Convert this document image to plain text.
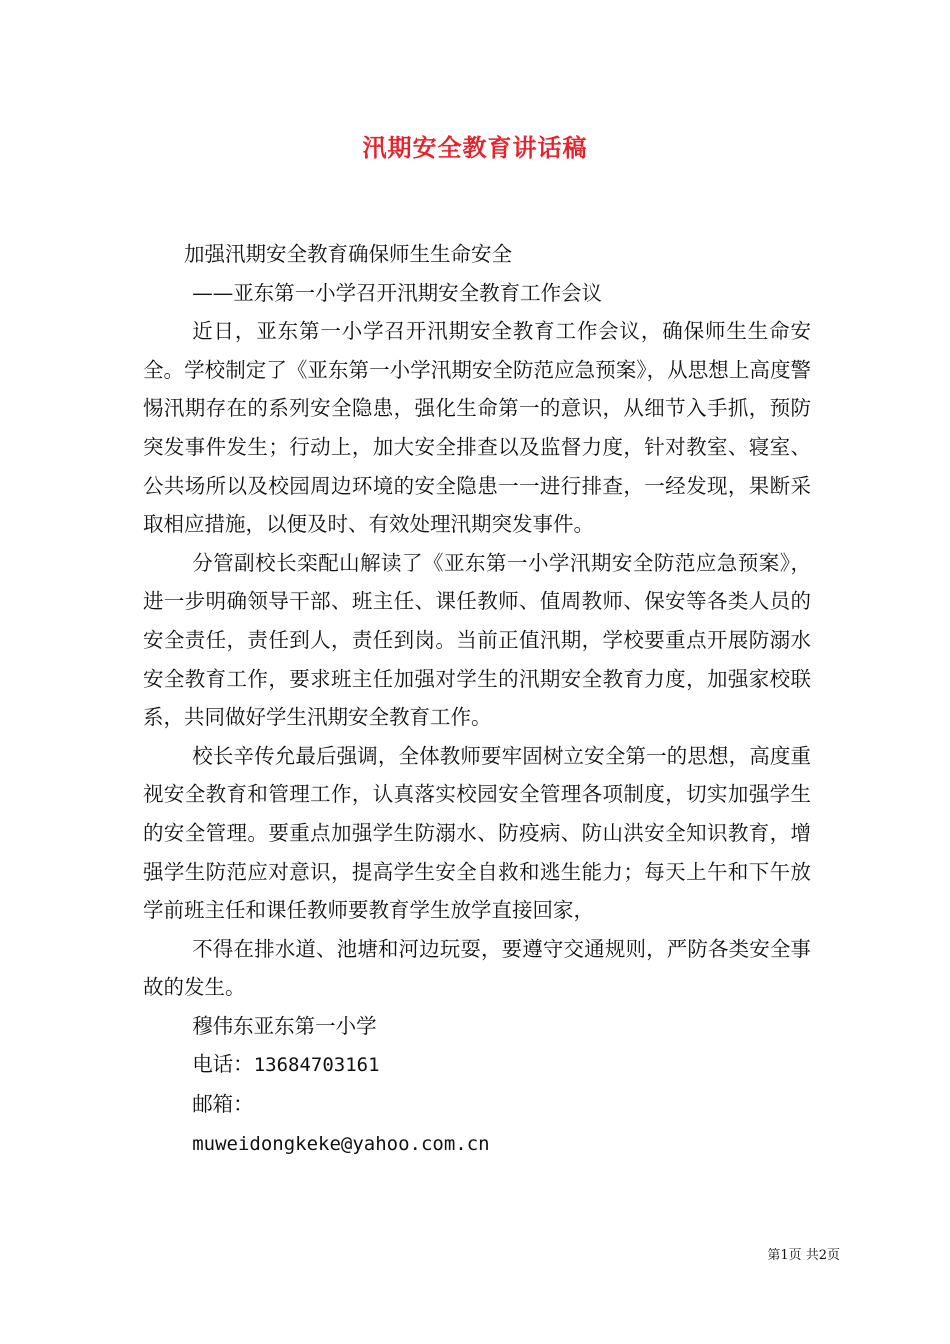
汛期安全教育讲话稿

加强汛期安全教育确保师生生命安全

——亚东第一小学召开汛期安全教育工作会议

近日，亚东第一小学召开汛期安全教育工作会议，确保师生生命安全。学校制定了《亚东第一小学汛期安全防范应急预案》，从思想上高度警惕汛期存在的系列安全隐患，强化生命第一的意识，从细节入手抓，预防突发事件发生；行动上，加大安全排查以及监督力度，针对教室、寝室、公共场所以及校园周边环境的安全隐患一一进行排查，一经发现，果断采取相应措施，以便及时、有效处理汛期突发事件。

分管副校长栾配山解读了《亚东第一小学汛期安全防范应急预案》，进一步明确领导干部、班主任、课任教师、值周教师、保安等各类人员的安全责任，责任到人，责任到岗。当前正值汛期，学校要重点开展防溺水安全教育工作，要求班主任加强对学生的汛期安全教育力度，加强家校联系，共同做好学生汛期安全教育工作。

校长辛传允最后强调，全体教师要牢固树立安全第一的思想，高度重视安全教育和管理工作，认真落实校园安全管理各项制度，切实加强学生的安全管理。要重点加强学生防溺水、防疫病、防山洪安全知识教育，增强学生防范应对意识，提高学生安全自救和逃生能力；每天上午和下午放学前班主任和课任教师要教育学生放学直接回家，

不得在排水道、池塘和河边玩耍，要遵守交通规则，严防各类安全事故的发生。

穆伟东亚东第一小学

电话：13684703161

邮箱：

muweidongkeke@yahoo.com.cn

第1页 共2页
